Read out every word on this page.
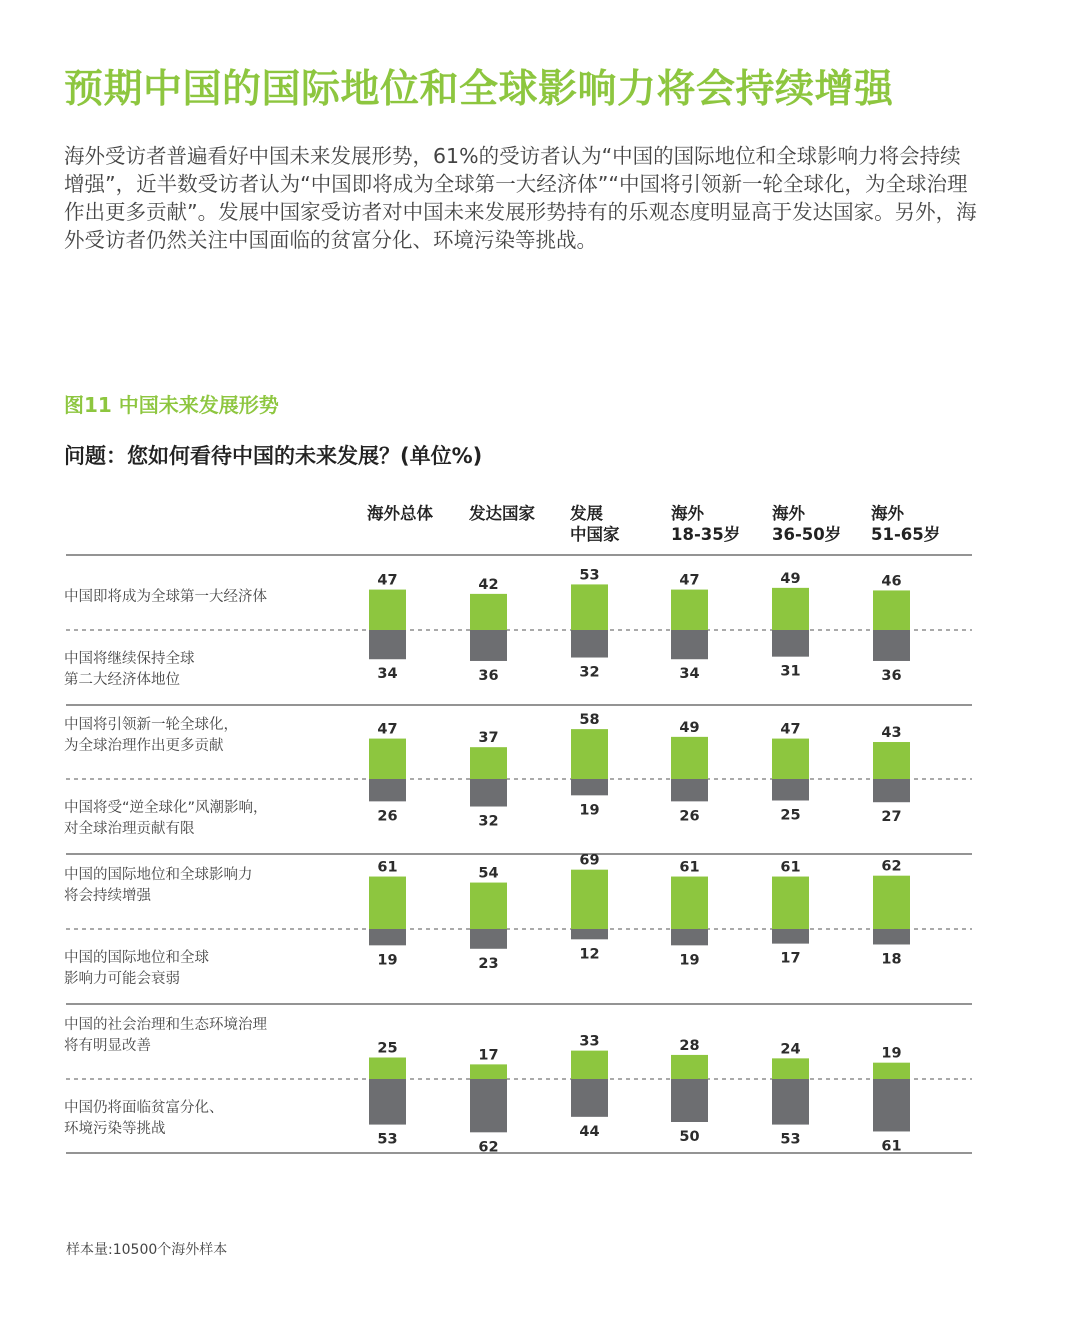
预期中国的国际地位和全球影响力将会持续增强

海外受访者普遍看好中国未来发展形势，61%的受访者认为“中国的国际地位和全球影响力将会持续增强”，近半数受访者认为“中国即将成为全球第一大经济体”“中国将引领新一轮全球化，为全球治理作出更多贡献”。发展中国家受访者对中国未来发展形势持有的乐观态度明显高于发达国家。另外，海外受访者仍然关注中国面临的贫富分化、环境污染等挑战。

图11 中国未来发展形势
问题：您如何看待中国的未来发展？(单位%)
海外总体	发达国家	发展
中国家
海外
18-35岁
海外
36-50岁
海外
51-65岁
中国即将成为全球第一大经济体
中国将继续保持全球
第二大经济体地位
中国将引领新一轮全球化，
为全球治理作出更多贡献
中国将受“逆全球化”风潮影响，
对全球治理贡献有限
中国的国际地位和全球影响力
将会持续增强
中国的国际地位和全球
影响力可能会衰弱
中国的社会治理和生态环境治理
将有明显改善
中国仍将面临贫富分化、
环境污染等挑战
47
34
42
36
53
32
47
34
49
31
46
36
47
26
37
32
58
19
49
26
47
25
43
27
61
19
54
23
69
12
61
19
61
17
62
18
25
53
17
62
33
44
28
50
24
53
19
61
样本量:10500个海外样本
